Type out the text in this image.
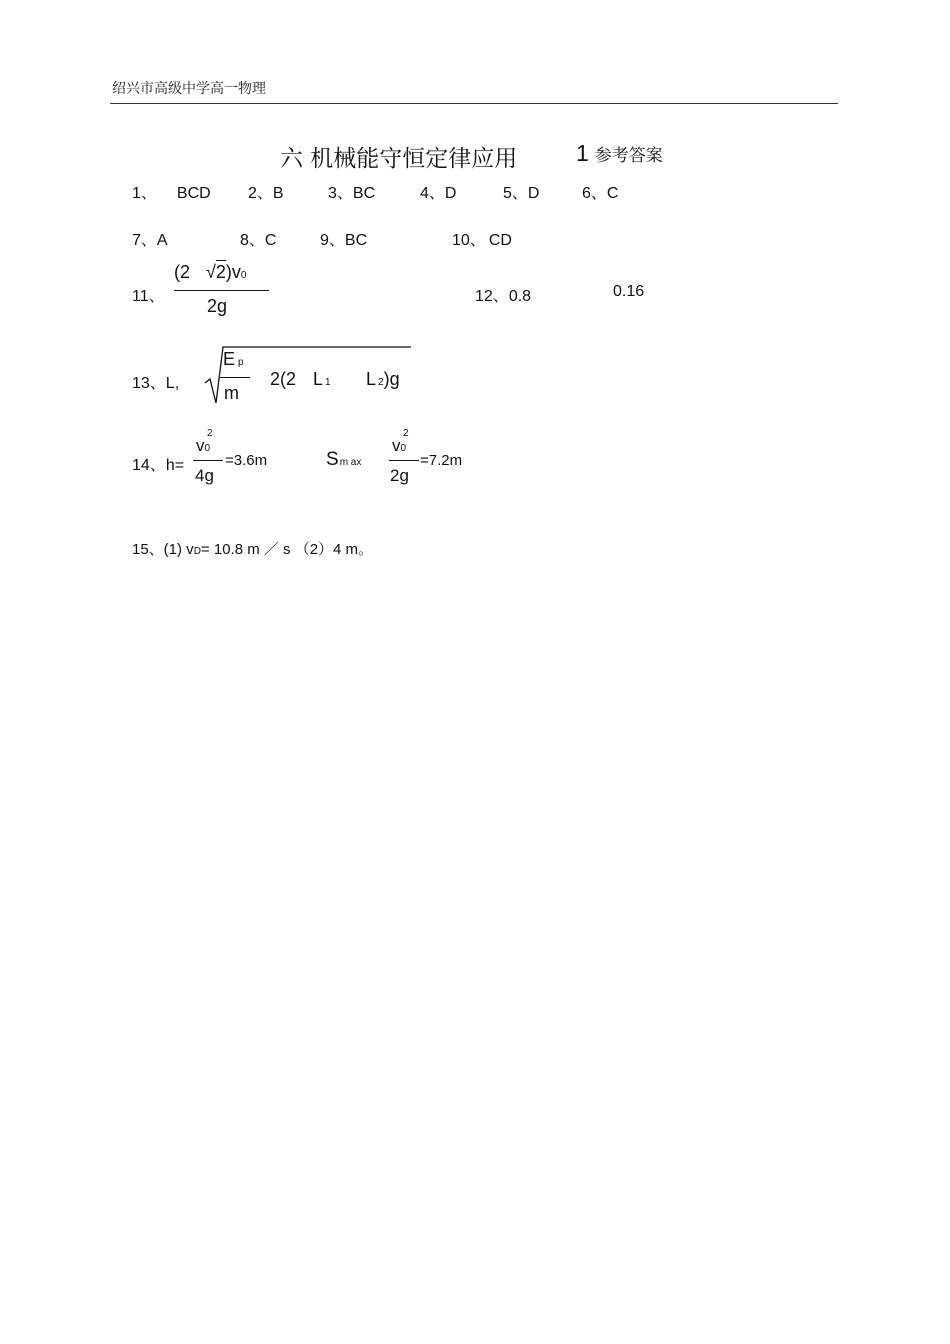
绍兴市高级中学高一物理
六 机械能守恒定律应用	1 参考答案
1、 BCD 2、B	3、BC	4、D	5、D	6、C
7、A	8、C	9、BC	10、 CD
11、
(2 √2)v0
2g	12、0.8	0.16
13、L,
Ep
m
2(2 L 1 L 2)g
14、h=
2
v0
4g
=3.6m	Sm ax
2
v0
2g
=7.2m
15、(1) vD= 10.8 m ／ s （2）4 m。
